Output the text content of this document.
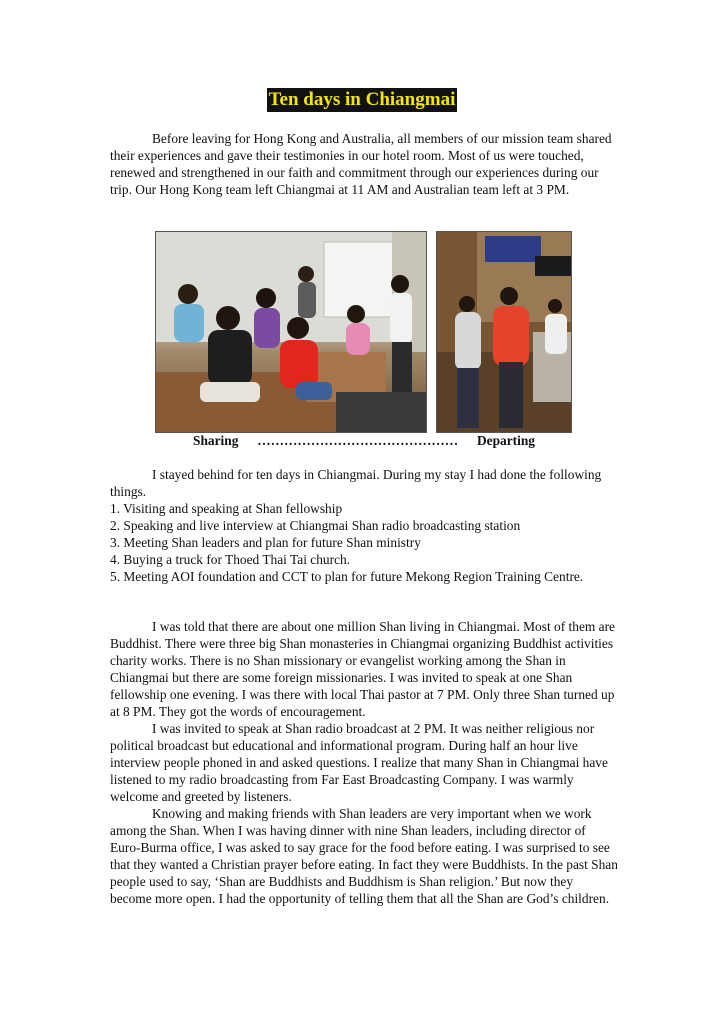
Ten days in Chiangmai

Before leaving for Hong Kong and Australia, all members of our mission team shared their experiences and gave their testimonies in our hotel room. Most of us were touched, renewed and strengthened in our faith and commitment through our experiences during our trip. Our Hong Kong team left Chiangmai at 11 AM and Australian team left at 3 PM.

Sharing ……………………………………… Departing

I stayed behind for ten days in Chiangmai. During my stay I had done the following things.

1. Visiting and speaking at Shan fellowship

2. Speaking and live interview at Chiangmai Shan radio broadcasting station

3. Meeting Shan leaders and plan for future Shan ministry

4. Buying a truck for Thoed Thai Tai church.

5. Meeting AOI foundation and CCT to plan for future Mekong Region Training Centre.

I was told that there are about one million Shan living in Chiangmai. Most of them are Buddhist. There were three big Shan monasteries in Chiangmai organizing Buddhist activities charity works. There is no Shan missionary or evangelist working among the Shan in Chiangmai but there are some foreign missionaries. I was invited to speak at one Shan fellowship one evening. I was there with local Thai pastor at 7 PM. Only three Shan turned up at 8 PM. They got the words of encouragement.

I was invited to speak at Shan radio broadcast at 2 PM. It was neither religious nor political broadcast but educational and informational program. During half an hour live interview people phoned in and asked questions. I realize that many Shan in Chiangmai have listened to my radio broadcasting from Far East Broadcasting Company. I was warmly welcome and greeted by listeners.

Knowing and making friends with Shan leaders are very important when we work among the Shan. When I was having dinner with nine Shan leaders, including director of Euro-Burma office, I was asked to say grace for the food before eating. I was surprised to see that they wanted a Christian prayer before eating. In fact they were Buddhists. In the past Shan people used to say, ‘Shan are Buddhists and Buddhism is Shan religion.’ But now they become more open. I had the opportunity of telling them that all the Shan are God’s children.
